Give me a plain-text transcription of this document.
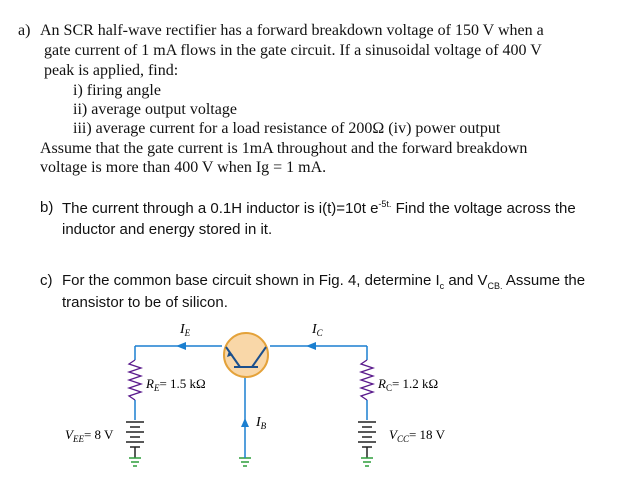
a) An SCR half-wave rectifier has a forward breakdown voltage of 150 V when a
gate current of 1 mA flows in the gate circuit. If a sinusoidal voltage of 400 V
peak is applied, find:
i) firing angle
ii) average output voltage
iii) average current for a load resistance of 200Ω (iv) power output
Assume that the gate current is 1mA throughout and the forward breakdown
voltage is more than 400 V when Ig = 1 mA.
b) The current through a 0.1H inductor is i(t)=10t $e^{-5t.}$ Find the voltage across the
inductor and energy stored in it.
c) For the common base circuit shown in Fig. 4, determine $I_c$ and $V_{CB.}$ Assume the
transistor to be of silicon.
$I_E$	$I_C$
$I_B$
$R_E= 1.5$ kΩ	$R_C= 1.2$ kΩ
$V_{EE}= 8$ V	$V_{CC}= 18$ V
